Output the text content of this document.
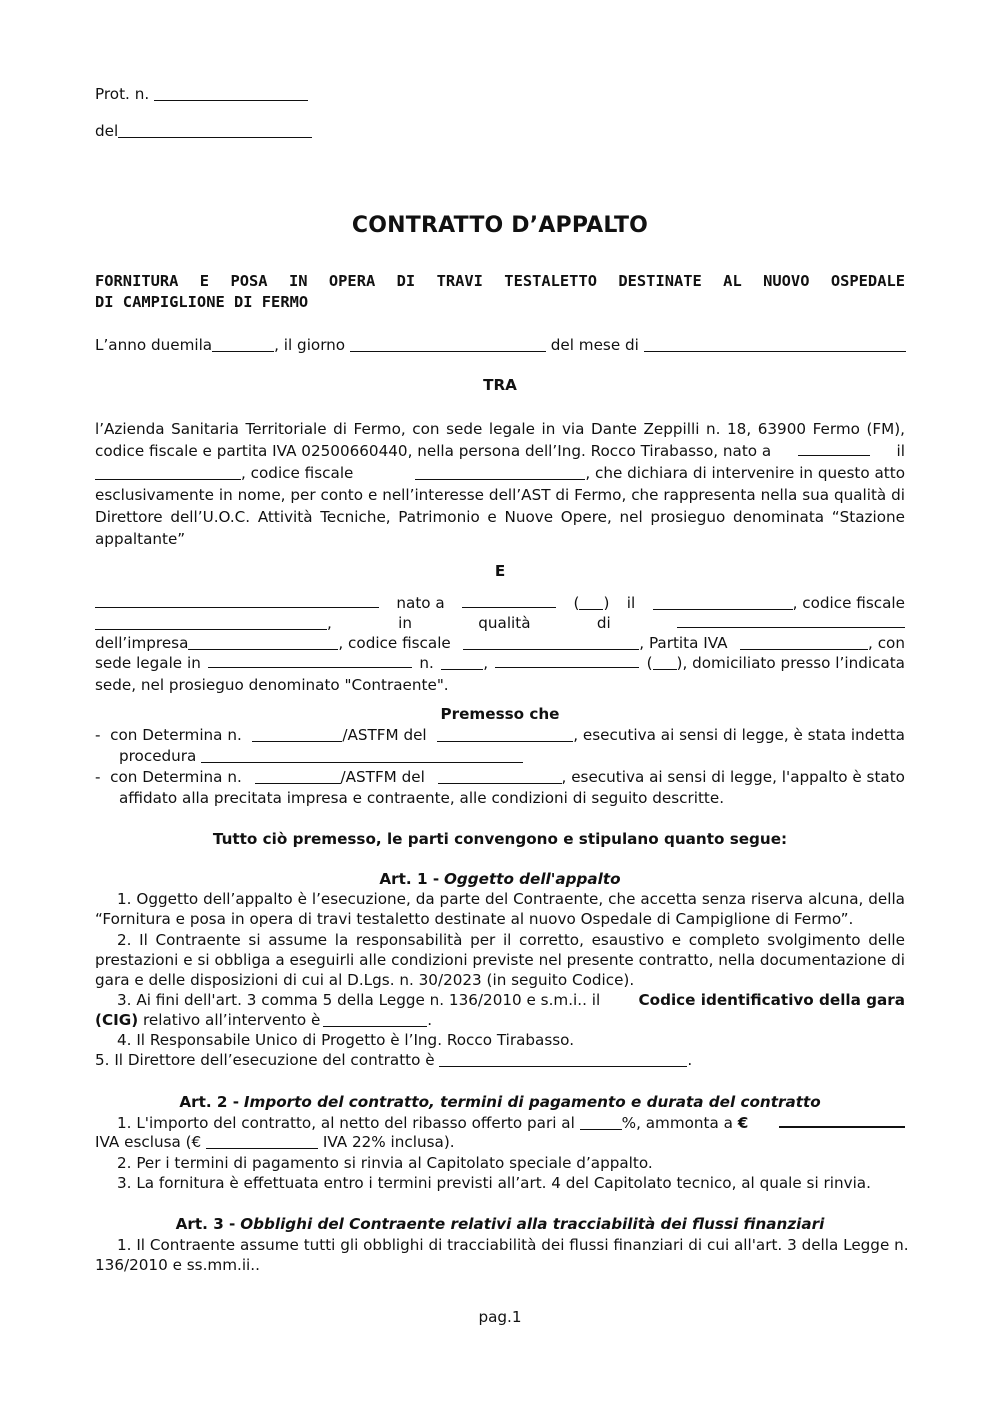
Prot. n.
del
CONTRATTO D’APPALTO
FORNITURA E POSA IN OPERA DI TRAVI TESTALETTO DESTINATE AL NUOVO OSPEDALE
DI CAMPIGLIONE DI FERMO
L’anno duemila	, il giorno	del mese di
TRA
l’Azienda Sanitaria Territoriale di Fermo, con sede legale in via Dante Zeppilli n. 18, 63900 Fermo (FM),
codice fiscale e partita IVA 02500660440, nella persona dell’Ing. Rocco Tirabasso, nato a	il
, codice fiscale	, che dichiara di intervenire in questo atto
esclusivamente in nome, per conto e nell’interesse dell’AST di Fermo, che rappresenta nella sua qualità di
Direttore dell’U.O.C. Attività Tecniche, Patrimonio e Nuove Opere, nel prosieguo denominata “Stazione
appaltante”
E
nato a	( ) il	, codice fiscale
,	in	qualità	di
dell’impresa	, codice fiscale	, Partita IVA	, con
sede legale in	n.	,	( ), domiciliato presso l’indicata
sede, nel prosieguo denominato "Contraente".
Premesso che
-  con Determina n.	/ASTFM del	, esecutiva ai sensi di legge, è stata indetta
procedura
-  con Determina n.	/ASTFM del	, esecutiva ai sensi di legge, l'appalto è stato
affidato alla precitata impresa e contraente, alle condizioni di seguito descritte.
Tutto ciò premesso, le parti convengono e stipulano quanto segue:
Art. 1 - Oggetto dell'appalto
1. Oggetto dell’appalto è l’esecuzione, da parte del Contraente, che accetta senza riserva alcuna, della
“Fornitura e posa in opera di travi testaletto destinate al nuovo Ospedale di Campiglione di Fermo”.
2. Il Contraente si assume la responsabilità per il corretto, esaustivo e completo svolgimento delle
prestazioni e si obbliga a eseguirli alle condizioni previste nel presente contratto, nella documentazione di
gara e delle disposizioni di cui al D.Lgs. n. 30/2023 (in seguito Codice).
3. Ai fini dell'art. 3 comma 5 della Legge n. 136/2010 e s.m.i.. il	Codice identificativo della gara
(CIG) relativo all’intervento è	.
4. Il Responsabile Unico di Progetto è l’Ing. Rocco Tirabasso.
5. Il Direttore dell’esecuzione del contratto è	.
Art. 2 - Importo del contratto, termini di pagamento e durata del contratto
1. L'importo del contratto, al netto del ribasso offerto pari al	%, ammonta a €
IVA esclusa (€	IVA 22% inclusa).
2. Per i termini di pagamento si rinvia al Capitolato speciale d’appalto.
3. La fornitura è effettuata entro i termini previsti all’art. 4 del Capitolato tecnico, al quale si rinvia.
Art. 3 - Obblighi del Contraente relativi alla tracciabilità dei flussi finanziari
1. Il Contraente assume tutti gli obblighi di tracciabilità dei flussi finanziari di cui all'art. 3 della Legge n.
136/2010 e ss.mm.ii..
pag.1
